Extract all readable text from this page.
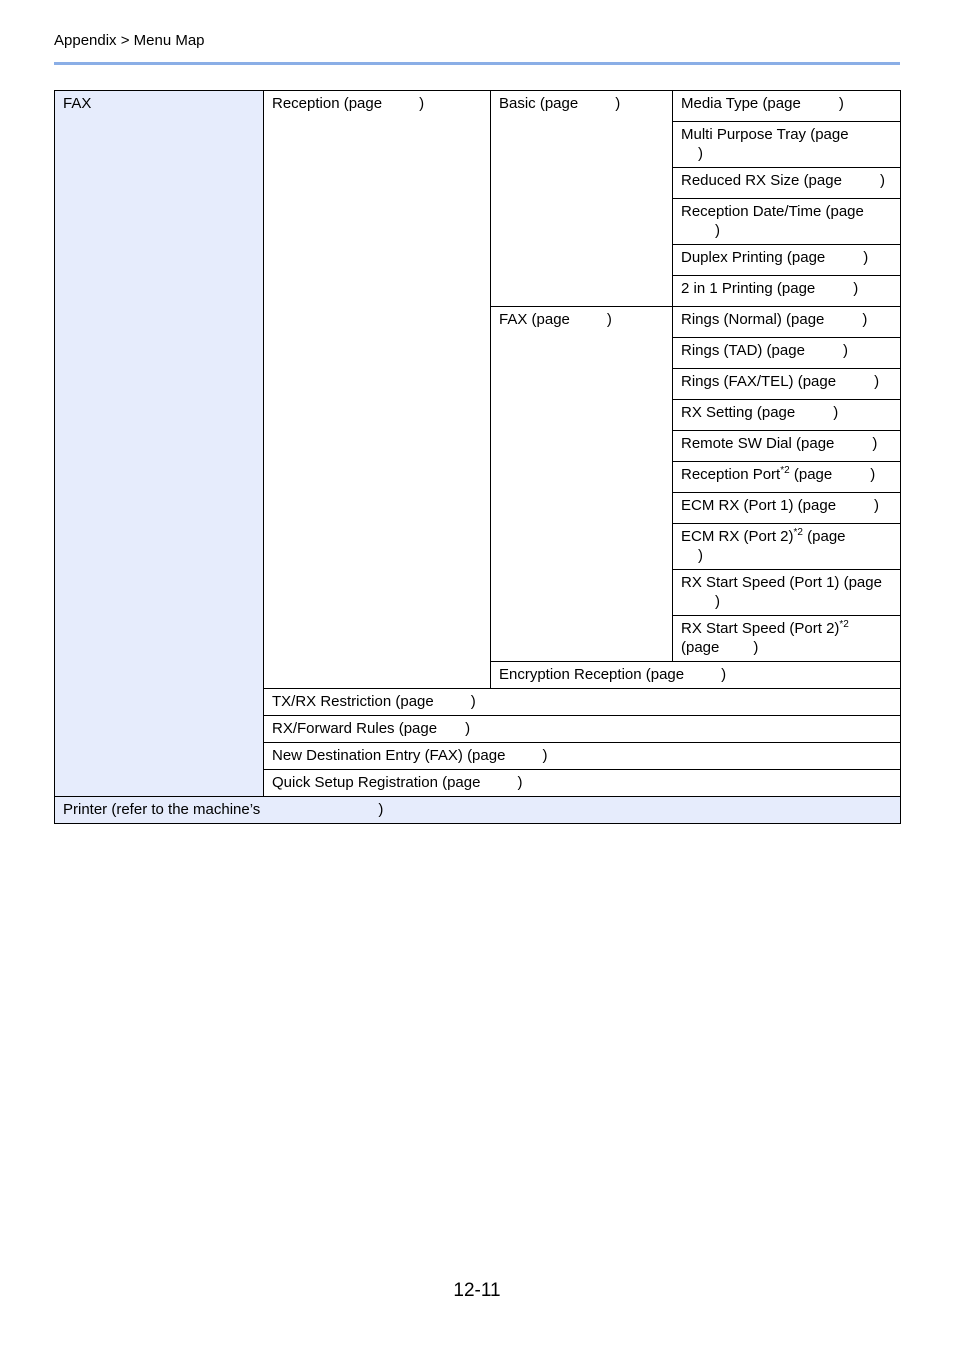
Appendix > Menu Map
FAX	Reception (page )	Basic (page )	Media Type (page )
			Multi Purpose Tray (page
)
			Reduced RX Size (page )
			Reception Date/Time (page)
			Duplex Printing (page )
			2 in 1 Printing (page )
		FAX (page )	Rings (Normal) (page )
			Rings (TAD) (page )
			Rings (FAX/TEL) (page )
			RX Setting (page )
			Remote SW Dial (page )
			Reception Port$^{*2}$ (page )
			ECM RX (Port 1) (page )
			ECM RX (Port 2)$^{*2}$ (page
)
			RX Start Speed (Port 1) (page)
			RX Start Speed (Port 2)$^{*2}$
(page )
		Encryption Reception (page )	
	TX/RX Restriction (page )		
	RX/Forward Rules (page )		
	New Destination Entry (FAX) (page )		
	Quick Setup Registration (page )		
Printer (refer to the machine’s )			
12-11
